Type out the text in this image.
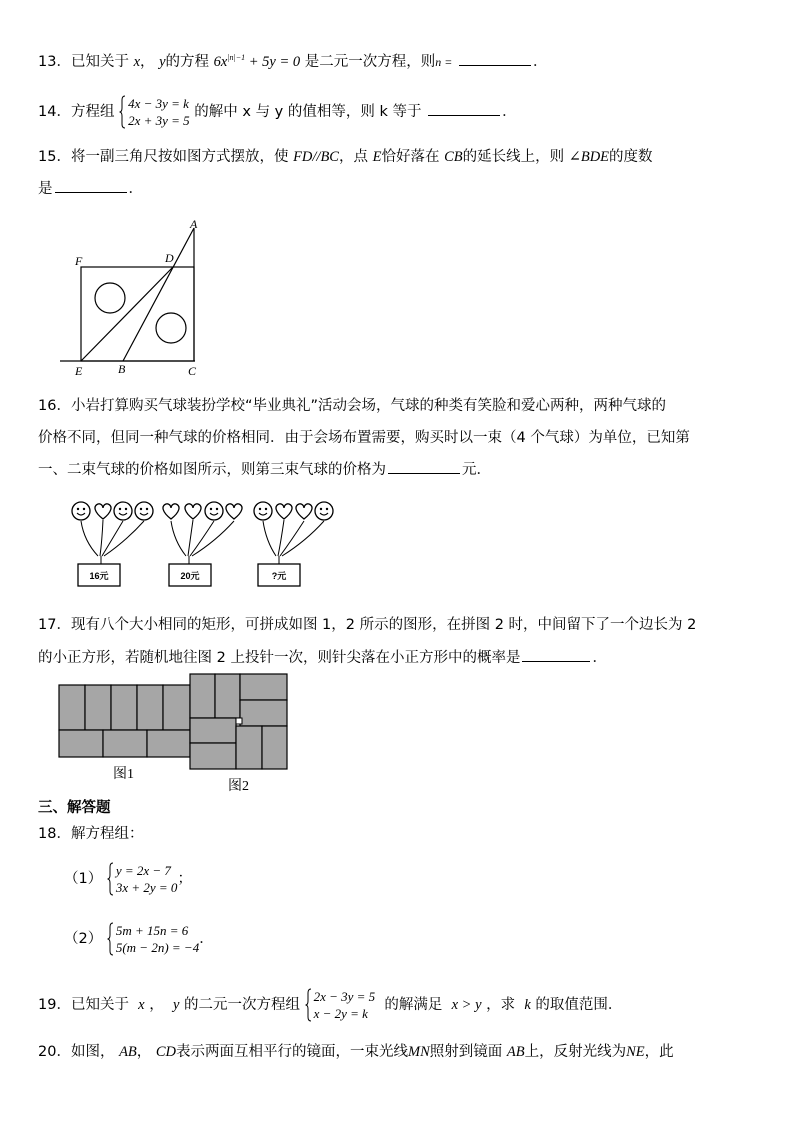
13．已知关于 x， y的方程 $6x^{|n|-1} + 5y = 0$ 是二元一次方程，则n =	．
14．方程组
4x − 3y = k
2x + 3y = 5
的解中 x 与 y 的值相等，则 k 等于	．
15．将一副三角尺按如图方式摆放，使 FD//BC，点 E恰好落在 CB的延长线上，则 ∠BDE的度数
是	．
A
F	D
E	B	C
16．小岩打算购买气球装扮学校“毕业典礼”活动会场，气球的种类有笑脸和爱心两种，两种气球的
价格不同，但同一种气球的价格相同．由于会场布置需要，购买时以一束（4 个气球）为单位，已知第
一、二束气球的价格如图所示，则第三束气球的价格为	元．
16元	20元	?元
17．现有八个大小相同的矩形，可拼成如图 1，2 所示的图形，在拼图 2 时，中间留下了一个边长为 2
的小正方形，若随机地往图 2 上投针一次，则针尖落在小正方形中的概率是	．
图1
图2
三、解答题
18．解方程组：
（1）
y = 2x − 7
3x + 2y = 0
；
（2）
5m + 15n = 6
5(m − 2n) = −4
．
19．已知关于 x ， y 的二元一次方程组
2x − 3y = 5
x − 2y = k
的解满足 x > y ，求 k 的取值范围．
20．如图， AB， CD表示两面互相平行的镜面，一束光线MN照射到镜面 AB上，反射光线为NE，此
